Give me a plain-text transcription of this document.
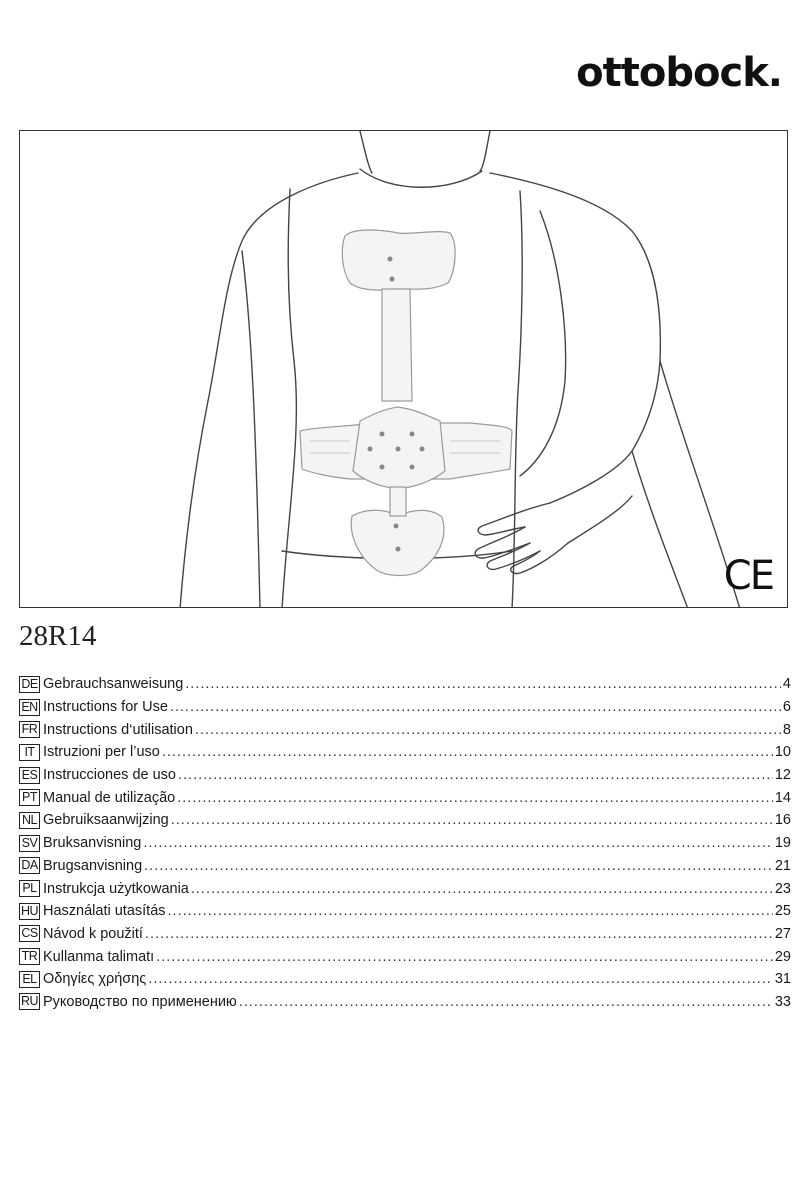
ottobock.
CE
28R14
DE Gebrauchsanweisung .....	4
EN Instructions for Use .....	6
FR Instructions d‘utilisation .....	8
IT Istruzioni per l’uso .....	10
ES Instrucciones de uso .....	12
PT Manual de utilização .....	14
NL Gebruiksaanwijzing .....	16
SV Bruksanvisning .....	19
DA Brugsanvisning .....	21
PL Instrukcja użytkowania .....	23
HU Használati utasítás .....	25
CS Návod k použití .....	27
TR Kullanma talimatı .....	29
EL Οδηγίες χρήσης .....	31
RU Руководство по применению .....	33
